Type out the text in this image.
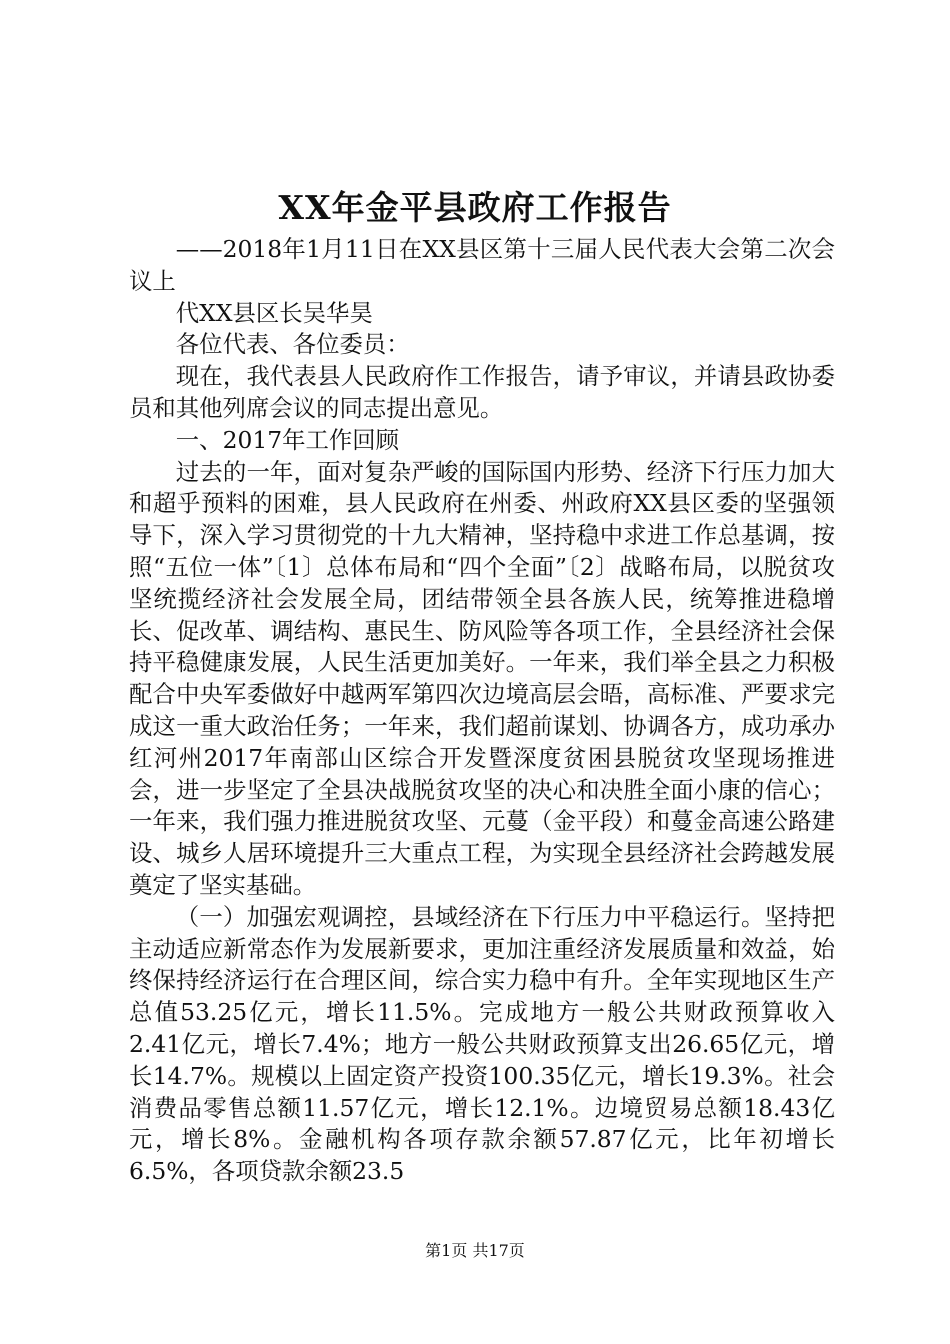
XX年金平县政府工作报告

——2018年1月11日在XX县区第十三届人民代表大会第二次会议上

代XX县区长吴华昊

各位代表、各位委员：

现在，我代表县人民政府作工作报告，请予审议，并请县政协委员和其他列席会议的同志提出意见。

一、2017年工作回顾

过去的一年，面对复杂严峻的国际国内形势、经济下行压力加大和超乎预料的困难，县人民政府在州委、州政府XX县区委的坚强领导下，深入学习贯彻党的十九大精神，坚持稳中求进工作总基调，按照“五位一体”〔1〕总体布局和“四个全面”〔2〕战略布局，以脱贫攻坚统揽经济社会发展全局，团结带领全县各族人民，统筹推进稳增长、促改革、调结构、惠民生、防风险等各项工作，全县经济社会保持平稳健康发展，人民生活更加美好。一年来，我们举全县之力积极配合中央军委做好中越两军第四次边境高层会晤，高标准、严要求完成这一重大政治任务；一年来，我们超前谋划、协调各方，成功承办红河州2017年南部山区综合开发暨深度贫困县脱贫攻坚现场推进会，进一步坚定了全县决战脱贫攻坚的决心和决胜全面小康的信心；一年来，我们强力推进脱贫攻坚、元蔓（金平段）和蔓金高速公路建设、城乡人居环境提升三大重点工程，为实现全县经济社会跨越发展奠定了坚实基础。

（一）加强宏观调控，县域经济在下行压力中平稳运行。坚持把主动适应新常态作为发展新要求，更加注重经济发展质量和效益，始终保持经济运行在合理区间，综合实力稳中有升。全年实现地区生产总值53.25亿元，增长11.5%。完成地方一般公共财政预算收入2.41亿元，增长7.4%；地方一般公共财政预算支出26.65亿元，增长14.7%。规模以上固定资产投资100.35亿元，增长19.3%。社会消费品零售总额11.57亿元，增长12.1%。边境贸易总额18.43亿元，增长8%。金融机构各项存款余额57.87亿元，比年初增长6.5%，各项贷款余额23.5

第1页 共17页
